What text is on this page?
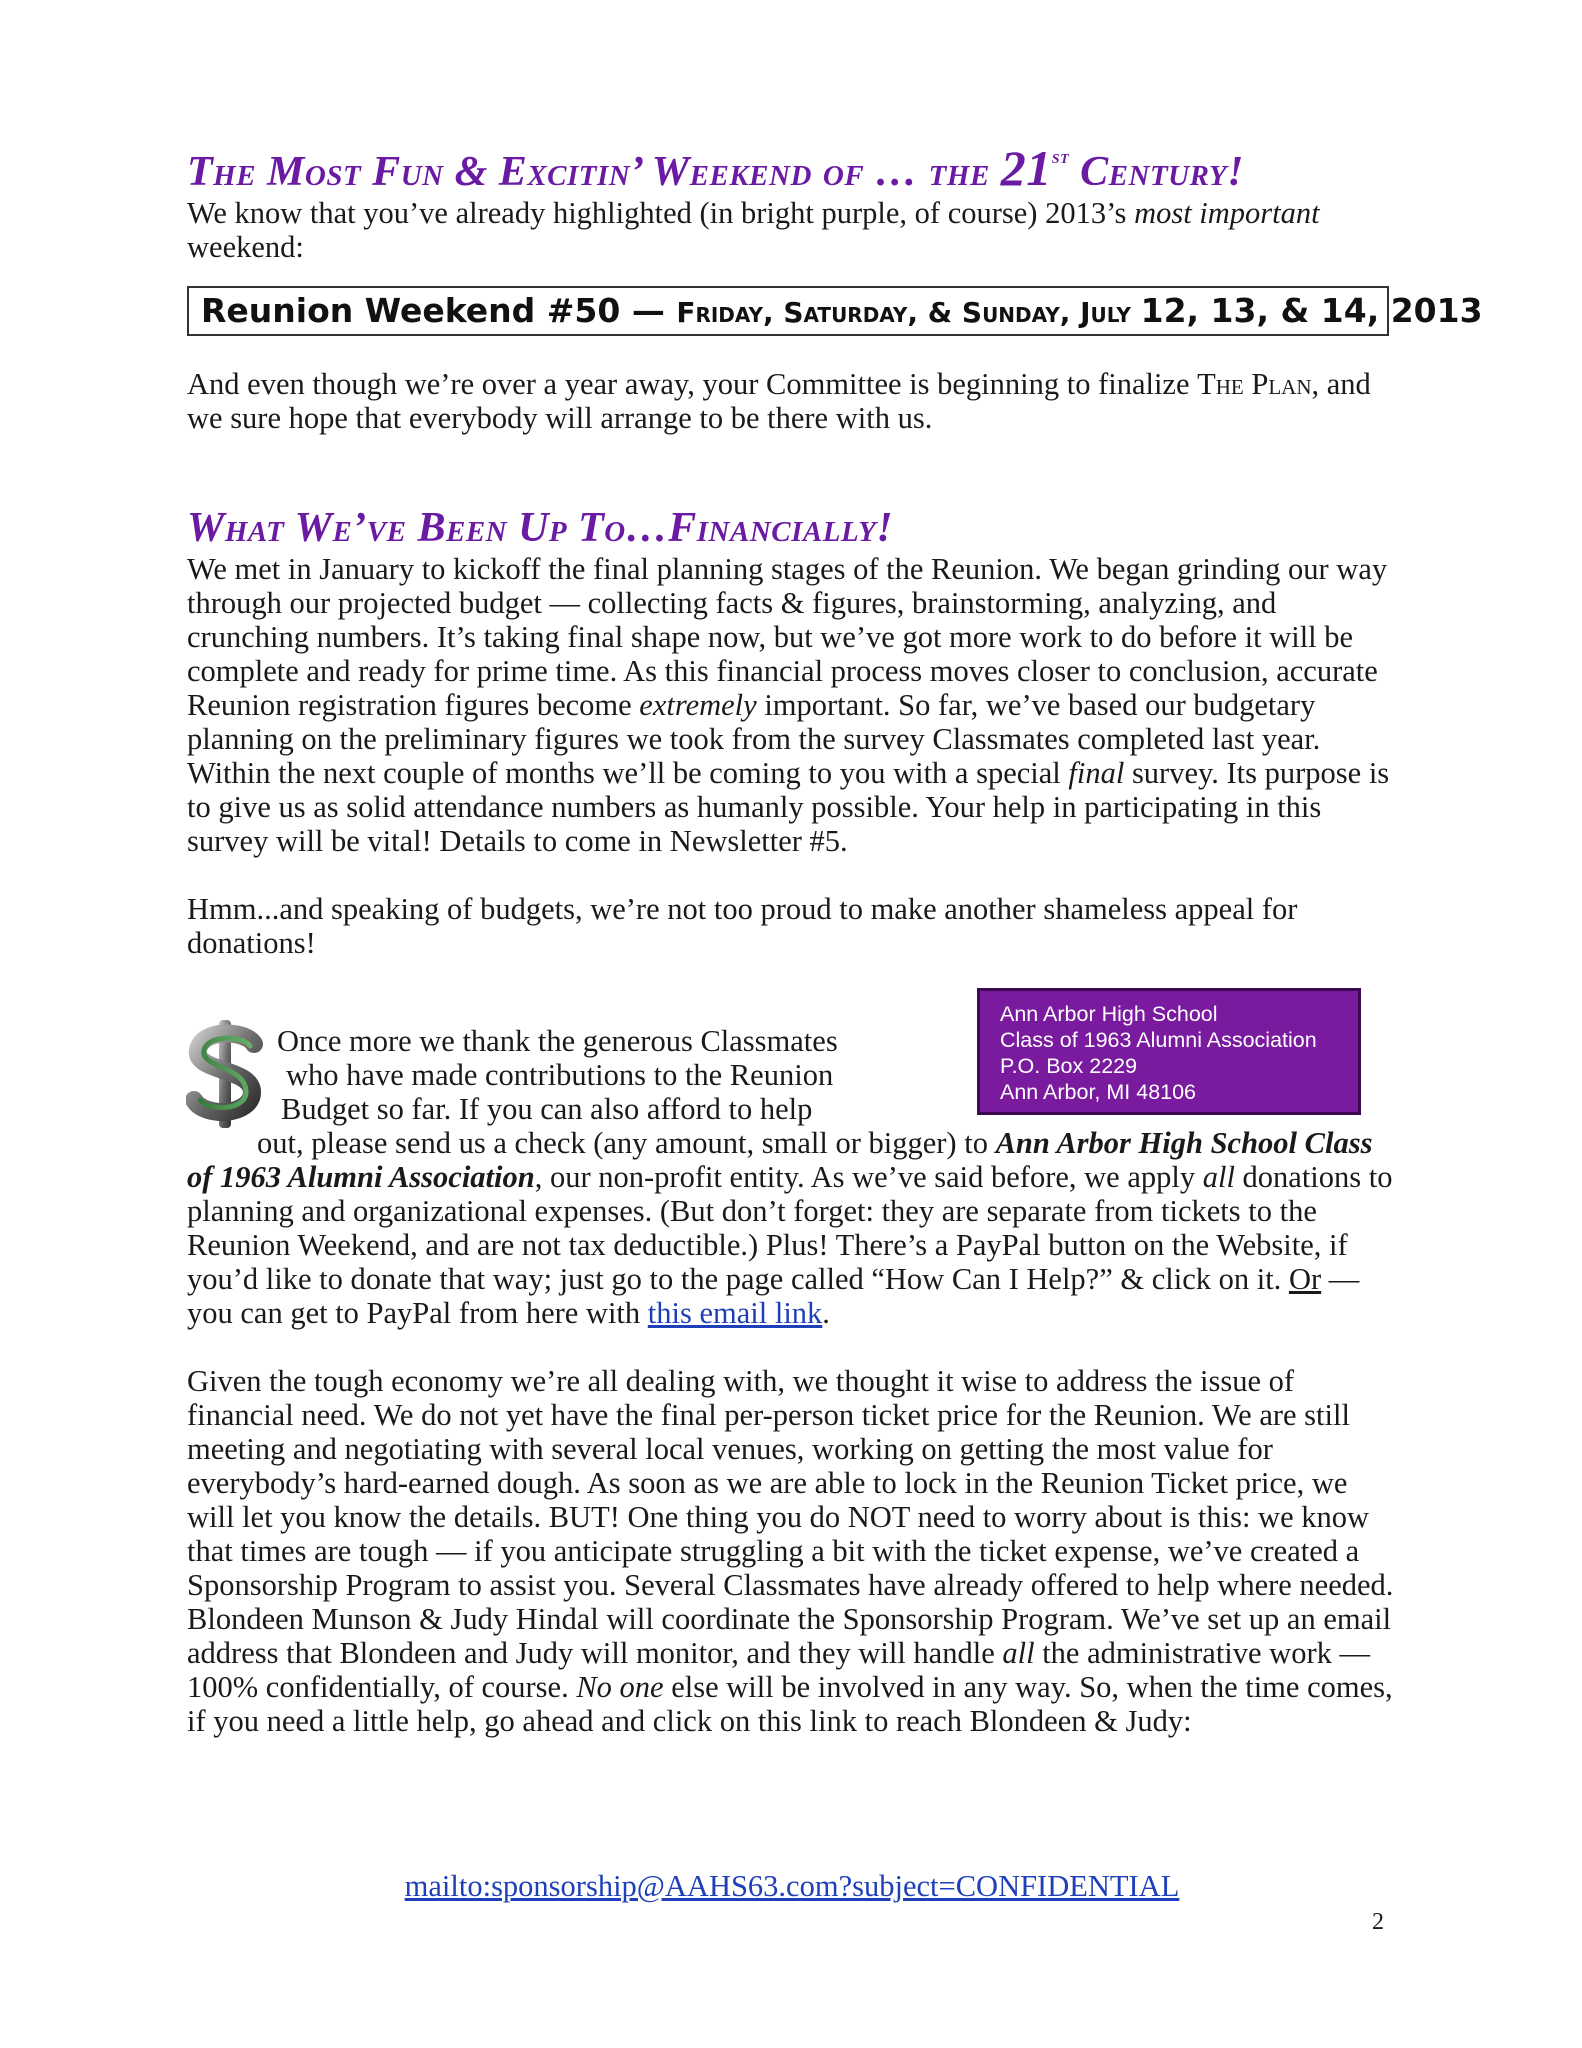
The Most Fun & Excitin’ Weekend of … the 21st Century!

We know that you’ve already highlighted (in bright purple, of course) 2013’s most important weekend:

Reunion Weekend #50 — Friday, Saturday, & Sunday, July 12, 13, & 14, 2013

And even though we’re over a year away, your Committee is beginning to finalize The Plan, and we sure hope that everybody will arrange to be there with us.

What We’ve Been Up To…Financially!

We met in January to kickoff the final planning stages of the Reunion. We began grinding our way through our projected budget — collecting facts & figures, brainstorming, analyzing, and crunching numbers. It’s taking final shape now, but we’ve got more work to do before it will be complete and ready for prime time. As this financial process moves closer to conclusion, accurate Reunion registration figures become extremely important. So far, we’ve based our budgetary planning on the preliminary figures we took from the survey Classmates completed last year. Within the next couple of months we’ll be coming to you with a special final survey. Its purpose is to give us as solid attendance numbers as humanly possible. Your help in participating in this survey will be vital! Details to come in Newsletter #5.

Hmm...and speaking of budgets, we’re not too proud to make another shameless appeal for donations!

Ann Arbor High School
Class of 1963 Alumni Association
P.O. Box 2229
Ann Arbor, MI 48106

Once more we thank the generous Classmates

who have made contributions to the Reunion

Budget so far. If you can also afford to help

out, please send us a check (any amount, small or bigger) to Ann Arbor High School Class of 1963 Alumni Association, our non-profit entity. As we’ve said before, we apply all donations to planning and organizational expenses. (But don’t forget: they are separate from tickets to the Reunion Weekend, and are not tax deductible.) Plus! There’s a PayPal button on the Website, if you’d like to donate that way; just go to the page called “How Can I Help?” & click on it. Or — you can get to PayPal from here with this email link.

Given the tough economy we’re all dealing with, we thought it wise to address the issue of financial need. We do not yet have the final per-person ticket price for the Reunion. We are still meeting and negotiating with several local venues, working on getting the most value for everybody’s hard-earned dough. As soon as we are able to lock in the Reunion Ticket price, we will let you know the details. BUT! One thing you do NOT need to worry about is this: we know that times are tough — if you anticipate struggling a bit with the ticket expense, we’ve created a Sponsorship Program to assist you. Several Classmates have already offered to help where needed. Blondeen Munson & Judy Hindal will coordinate the Sponsorship Program. We’ve set up an email address that Blondeen and Judy will monitor, and they will handle all the administrative work — 100% confidentially, of course. No one else will be involved in any way. So, when the time comes, if you need a little help, go ahead and click on this link to reach Blondeen & Judy:

mailto:sponsorship@AAHS63.com?subject=CONFIDENTIAL
2
